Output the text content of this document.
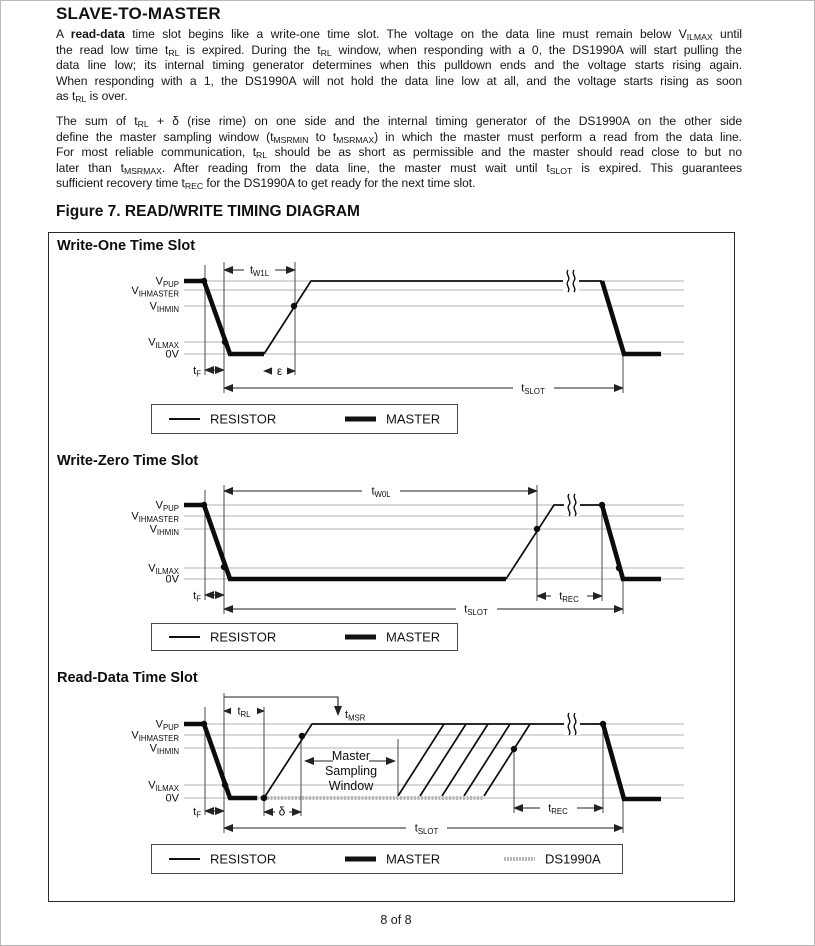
SLAVE-TO-MASTER
A read-data time slot begins like a write-one time slot. The voltage on the data line must remain below $V_{ILMAX}$ until
the read low time $t_{RL}$ is expired. During the $t_{RL}$ window, when responding with a 0, the DS1990A will start pulling the
data line low; its internal timing generator determines when this pulldown ends and the voltage starts rising again.
When responding with a 1, the DS1990A will not hold the data line low at all, and the voltage starts rising as soon
as $t_{RL}$ is over.
The sum of $t_{RL} + \delta$ (rise rime) on one side and the internal timing generator of the DS1990A on the other side
define the master sampling window ($t_{MSRMIN}$ to $t_{MSRMAX}$) in which the master must perform a read from the data line.
For most reliable communication, $t_{RL}$ should be as short as permissible and the master should read close to but no
later than $t_{MSRMAX}$. After reading from the data line, the master must wait until $t_{SLOT}$ is expired. This guarantees
sufficient recovery time $t_{REC}$ for the DS1990A to get ready for the next time slot.
Figure 7. READ/WRITE TIMING DIAGRAM
Write-One Time Slot
$V_{PUP}$
$V_{IHMASTER}$
$V_{IHMIN}$
$V_{ILMAX}$
0V
$t_{W1L}$
$t_F$	ε
$t_{SLOT}$
RESISTOR	MASTER
Write-Zero Time Slot
$V_{PUP}$
$V_{IHMASTER}$
$V_{IHMIN}$
$V_{ILMAX}$
0V
$t_{W0L}$
$t_F$	$t_{REC}$
$t_{SLOT}$
RESISTOR	MASTER
Read-Data Time Slot
$V_{PUP}$
$V_{IHMASTER}$
$V_{IHMIN}$
$V_{ILMAX}$
0V
$t_{RL}$	$t_{MSR}$
$t_F$	δ	$t_{REC}$
$t_{SLOT}$
Master
Sampling
Window
RESISTOR	MASTER	DS1990A
8 of 8
